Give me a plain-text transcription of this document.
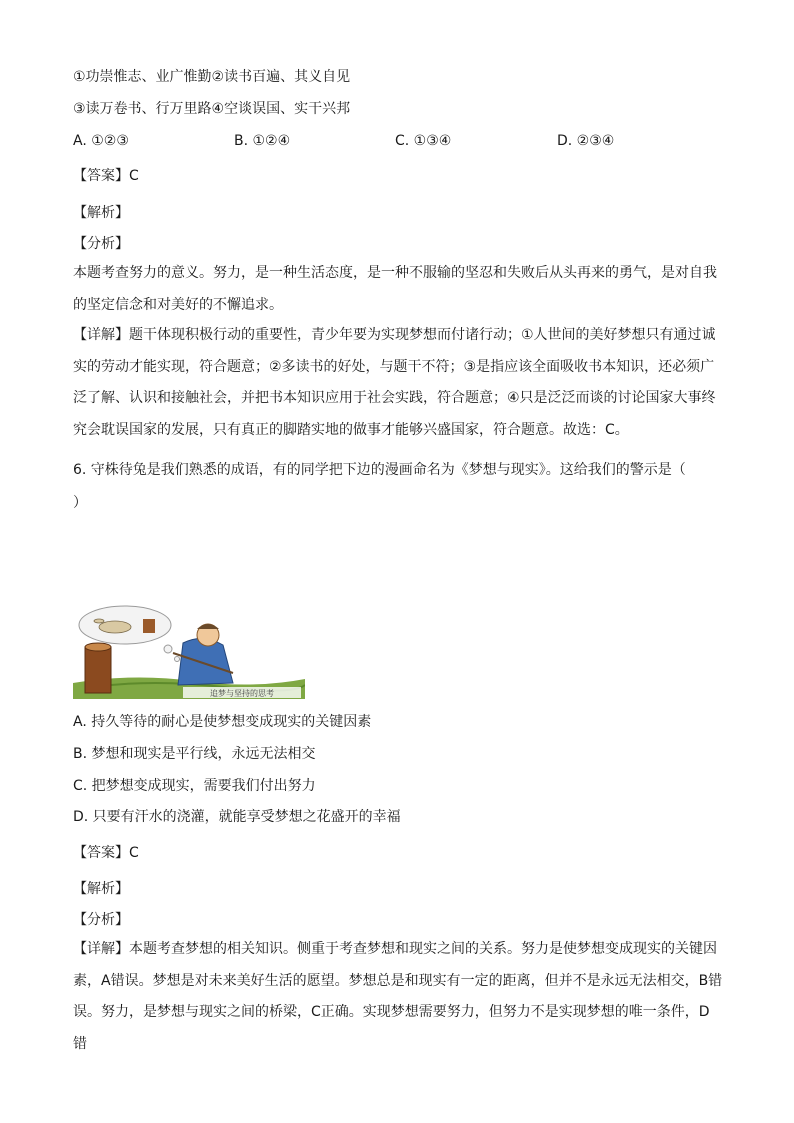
①功崇惟志、业广惟勤②读书百遍、其义自见
③读万卷书、行万里路④空谈误国、实干兴邦
A. ①②③	B. ①②④	C. ①③④	D. ②③④
【答案】C
【解析】
【分析】
本题考查努力的意义。努力，是一种生活态度，是一种不服输的坚忍和失败后从头再来的勇气，是对自我的坚定信念和对美好的不懈追求。
【详解】题干体现积极行动的重要性，青少年要为实现梦想而付诸行动；①人世间的美好梦想只有通过诚实的劳动才能实现，符合题意；②多读书的好处，与题干不符；③是指应该全面吸收书本知识，还必须广泛了解、认识和接触社会，并把书本知识应用于社会实践，符合题意；④只是泛泛而谈的讨论国家大事终究会耽误国家的发展，只有真正的脚踏实地的做事才能够兴盛国家，符合题意。故选：C。
6. 守株待兔是我们熟悉的成语，有的同学把下边的漫画命名为《梦想与现实》。这给我们的警示是（
）
追梦与坚持的思考
A. 持久等待的耐心是使梦想变成现实的关键因素
B. 梦想和现实是平行线，永远无法相交
C. 把梦想变成现实，需要我们付出努力
D. 只要有汗水的浇灌，就能享受梦想之花盛开的幸福
【答案】C
【解析】
【分析】
【详解】本题考查梦想的相关知识。侧重于考查梦想和现实之间的关系。努力是使梦想变成现实的关键因素，A错误。梦想是对未来美好生活的愿望。梦想总是和现实有一定的距离，但并不是永远无法相交，B错误。努力，是梦想与现实之间的桥梁，C正确。实现梦想需要努力，但努力不是实现梦想的唯一条件，D错
